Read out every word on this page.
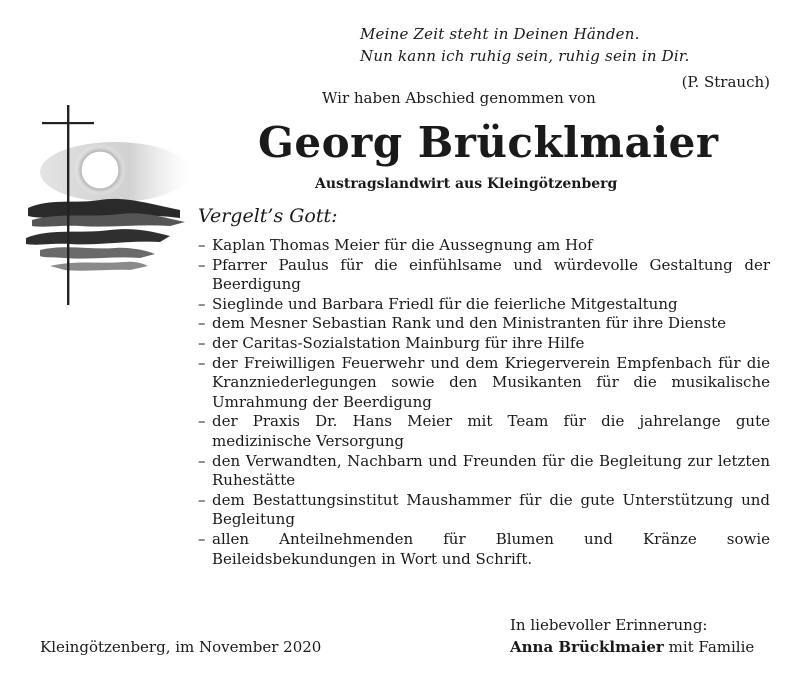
Meine Zeit steht in Deinen Händen.
Nun kann ich ruhig sein, ruhig sein in Dir.
(P. Strauch)
Wir haben Abschied genommen von
Georg Brücklmaier
Austragslandwirt aus Kleingötzenberg
Vergelt’s Gott:
– Kaplan Thomas Meier für die Aussegnung am Hof
– Pfarrer Paulus für die einfühlsame und würdevolle Gestaltung der Beerdigung
– Sieglinde und Barbara Friedl für die feierliche Mitgestaltung
– dem Mesner Sebastian Rank und den Ministranten für ihre Dienste
– der Caritas-Sozialstation Mainburg für ihre Hilfe
– der Freiwilligen Feuerwehr und dem Kriegerverein Empfenbach für die Kranzniederlegungen sowie den Musikanten für die musikalische Umrahmung der Beerdigung
– der Praxis Dr. Hans Meier mit Team für die jahrelange gute medizinische Versorgung
– den Verwandten, Nachbarn und Freunden für die Begleitung zur letzten Ruhestätte
– dem Bestattungsinstitut Maushammer für die gute Unterstützung und Begleitung
– allen Anteilnehmenden für Blumen und Kränze sowie Beileidsbekundungen in Wort und Schrift.
In liebevoller Erinnerung:
Kleingötzenberg, im November 2020	Anna Brücklmaier mit Familie
